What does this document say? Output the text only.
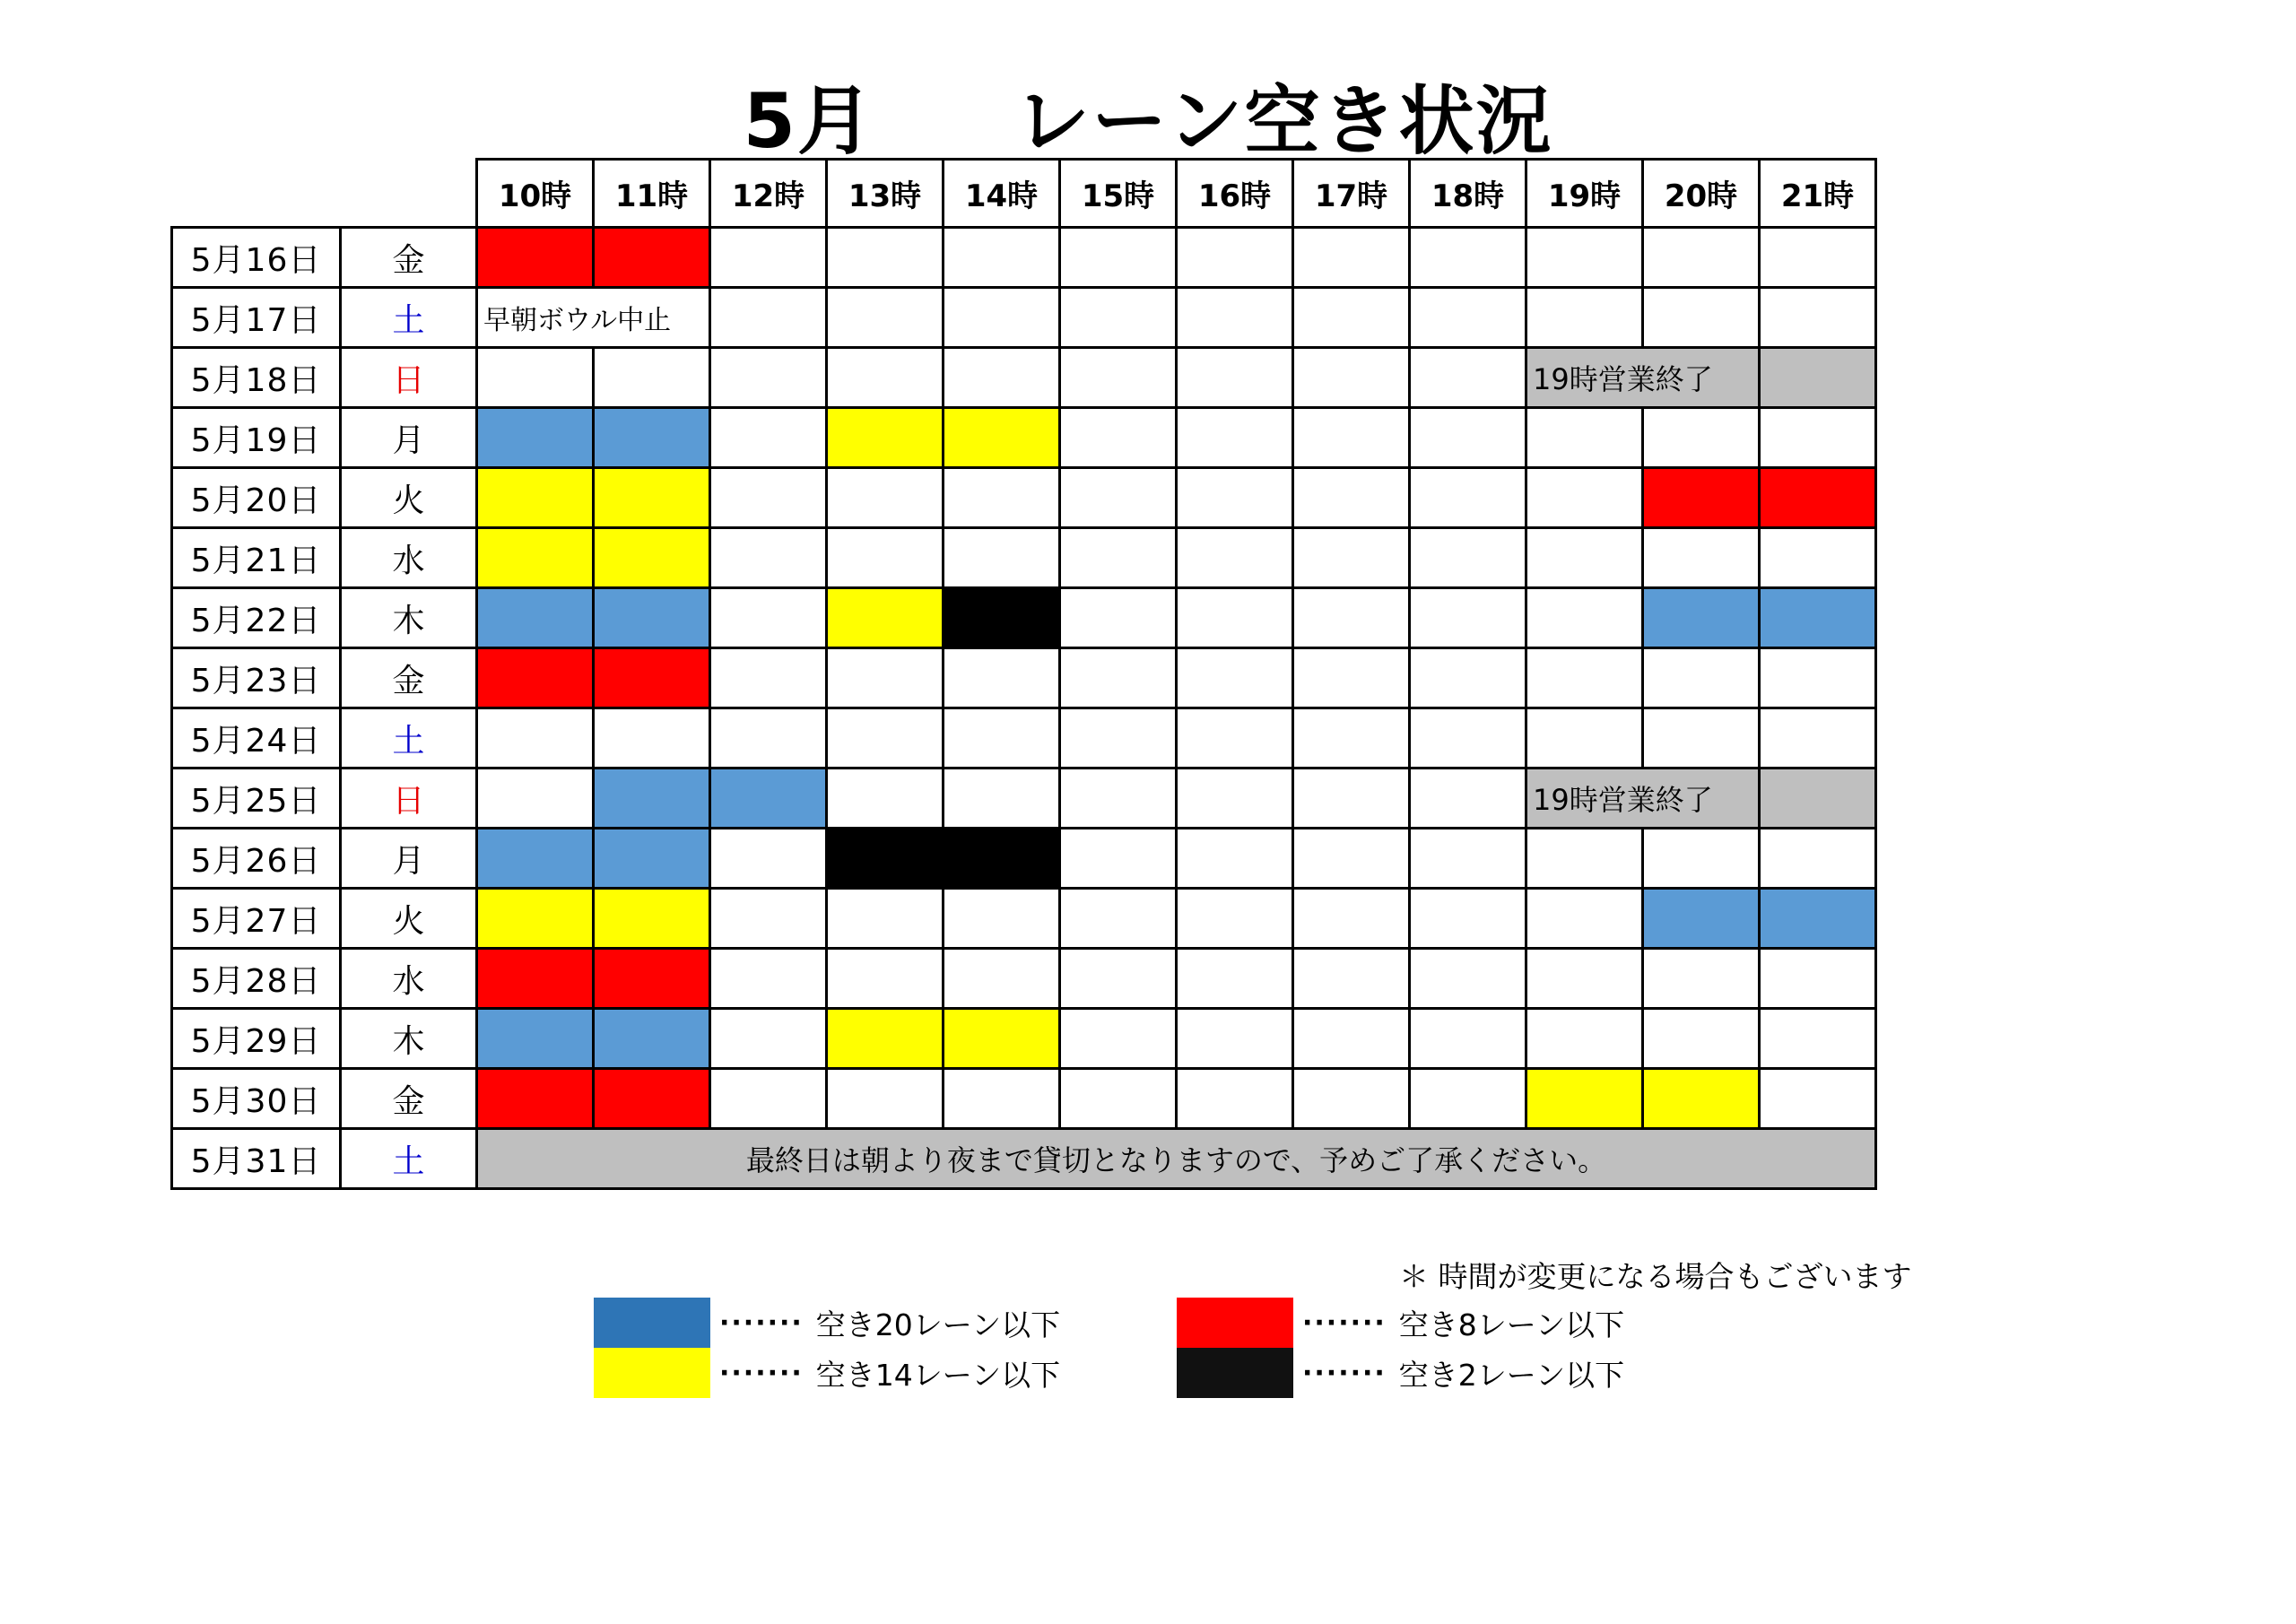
5月 レーン空き状況
		10時	11時	12時	13時	14時	15時	16時	17時	18時	19時	20時	21時
5月16日	金												
5月17日	土	早朝ボウル中止											
5月18日	日										19時営業終了		
5月19日	月												
5月20日	火												
5月21日	水												
5月22日	木												
5月23日	金												
5月24日	土												
5月25日	日										19時営業終了		
5月26日	月												
5月27日	火												
5月28日	水												
5月29日	木												
5月30日	金												
5月31日	土	最終日は朝より夜まで貸切となりますので、予めご了承ください。											
＊ 時間が変更になる場合もございます
······· 空き20レーン以下
······· 空き14レーン以下
······· 空き8レーン以下
······· 空き2レーン以下
